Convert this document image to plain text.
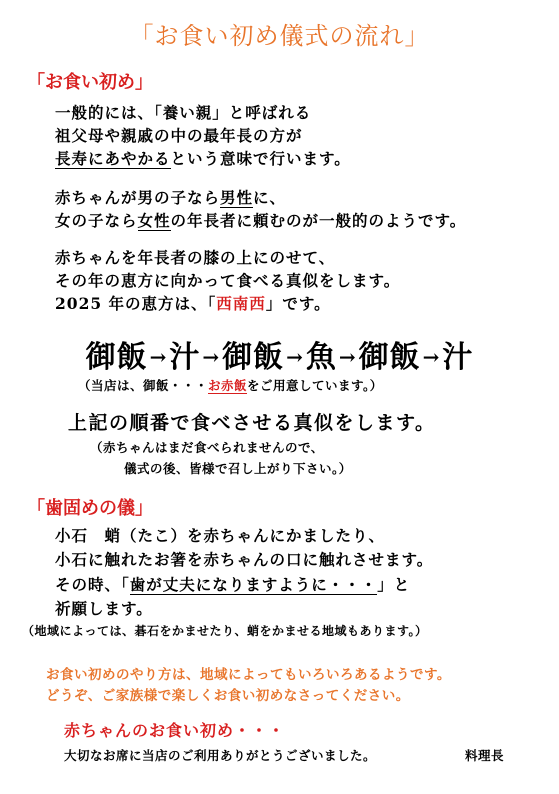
「お食い初め儀式の流れ」
「お食い初め」
一般的には、「養い親」と呼ばれる
祖父母や親戚の中の最年長の方が
長寿にあやかるという意味で行います。
赤ちゃんが男の子なら男性に、
女の子なら女性の年長者に頼むのが一般的のようです。
赤ちゃんを年長者の膝の上にのせて、
その年の恵方に向かって食べる真似をします。
2025 年の恵方は、「西南西」です。
御飯 →汁 →御飯 →魚 →御飯 →汁
（当店は、御飯・・・お赤飯をご用意しています。）
上記の順番で食べさせる真似をします。
（赤ちゃんはまだ食べられませんので、
儀式の後、皆様で召し上がり下さい。）
「歯固めの儀」
小石　蛸（たこ）を赤ちゃんにかましたり、
小石に触れたお箸を赤ちゃんの口に触れさせます。
その時、「歯が丈夫になりますように・・・」と
祈願します。
（地域によっては、碁石をかませたり、蛸をかませる地域もあります。）
お食い初めのやり方は、地域によってもいろいろあるようです。
どうぞ、ご家族様で楽しくお食い初めなさってください。
赤ちゃんのお食い初め・・・
大切なお席に当店のご利用ありがとうございました。	料理長
